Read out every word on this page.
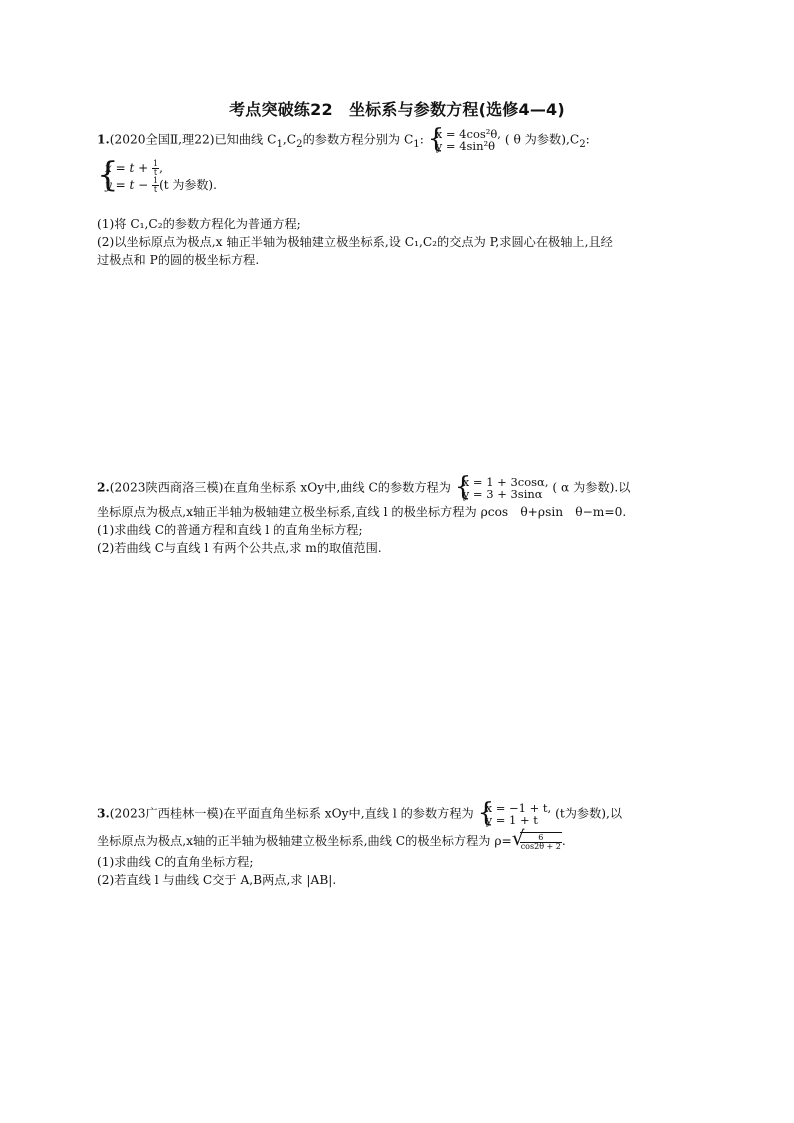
考点突破练22　坐标系与参数方程(选修4—4)
1.(2020全国Ⅱ,理22)已知曲线 $C_1,C_2$的参数方程分别为 $C_1$: {
x = 4cos²θ,
y = 4sin²θ ( θ 为参数)$,C_2$:
{
$x = t + \frac{1}{t}$ ,
$y = t - \frac{1}{t} (t$ 为参数).
(1)将 C₁,C₂的参数方程化为普通方程;
(2)以坐标原点为极点,x 轴正半轴为极轴建立极坐标系,设 C₁,C₂的交点为 P,求圆心在极轴上,且经
过极点和 P的圆的极坐标方程.
2.(2023陕西商洛三模)在直角坐标系 xOy中,曲线 C的参数方程为 {
x = 1 + 3cosα,
y = 3 + 3sinα ( α 为参数).以
坐标原点为极点,x轴正半轴为极轴建立极坐标系,直线 l 的极坐标方程为 ρcos　θ+ρsin　θ−m=0.
(1)求曲线 C的普通方程和直线 l 的直角坐标方程;
(2)若曲线 C与直线 l 有两个公共点,求 m的取值范围.
3.(2023广西桂林一模)在平面直角坐标系 xOy中,直线 l 的参数方程为 {
x = −1 + t,
y = 1 + t	(t为参数),以
坐标原点为极点,x轴的正半轴为极轴建立极坐标系,曲线 C的极坐标方程为 ρ= √
$\frac{6}{\cos 2\theta + 2}$ .
(1)求曲线 C的直角坐标方程;
(2)若直线 l 与曲线 C交于 A,B两点,求 |AB|.
